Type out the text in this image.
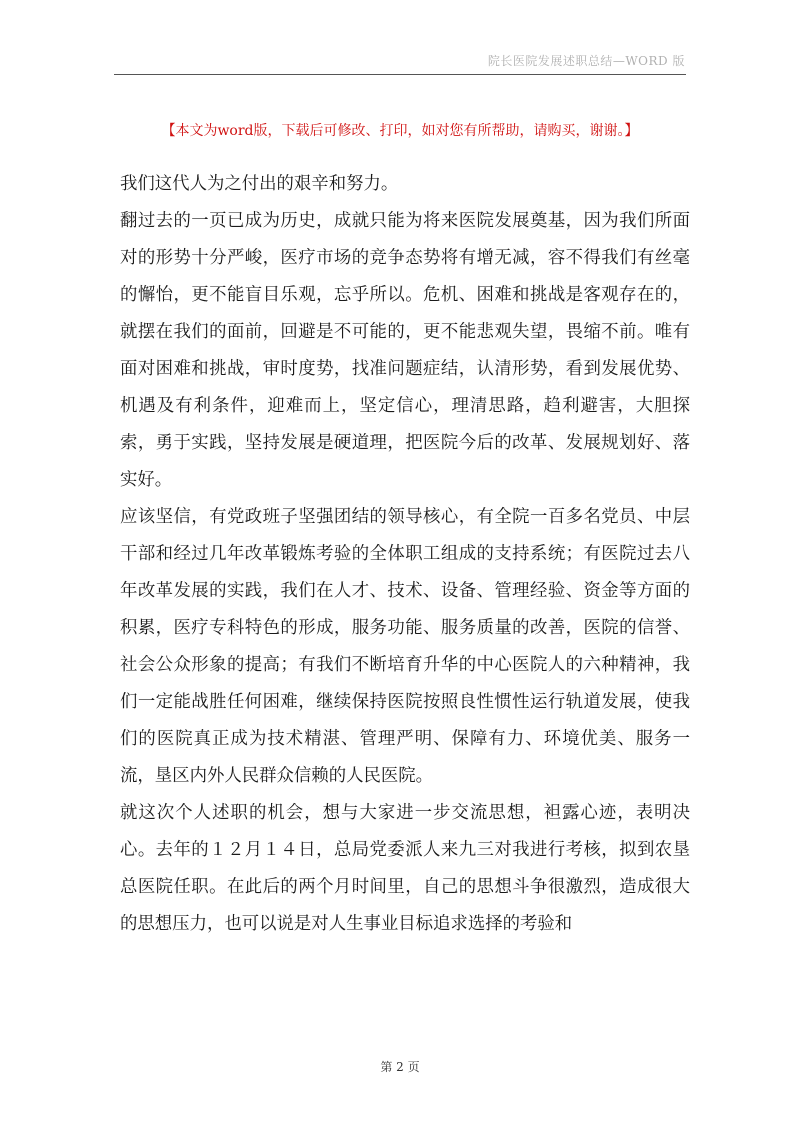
院长医院发展述职总结—WORD 版
【本文为word版，下载后可修改、打印，如对您有所帮助，请购买，谢谢。】

我们这代人为之付出的艰辛和努力。

翻过去的一页已成为历史，成就只能为将来医院发展奠基，因为我们所面对的形势十分严峻，医疗市场的竞争态势将有增无减，容不得我们有丝毫的懈怡，更不能盲目乐观，忘乎所以。危机、困难和挑战是客观存在的，就摆在我们的面前，回避是不可能的，更不能悲观失望，畏缩不前。唯有面对困难和挑战，审时度势，找准问题症结，认清形势，看到发展优势、机遇及有利条件，迎难而上，坚定信心，理清思路，趋利避害，大胆探索，勇于实践，坚持发展是硬道理，把医院今后的改革、发展规划好、落实好。

应该坚信，有党政班子坚强团结的领导核心，有全院一百多名党员、中层干部和经过几年改革锻炼考验的全体职工组成的支持系统；有医院过去八年改革发展的实践，我们在人才、技术、设备、管理经验、资金等方面的积累，医疗专科特色的形成，服务功能、服务质量的改善，医院的信誉、社会公众形象的提高；有我们不断培育升华的中心医院人的六种精神，我们一定能战胜任何困难，继续保持医院按照良性惯性运行轨道发展，使我们的医院真正成为技术精湛、管理严明、保障有力、环境优美、服务一流，垦区内外人民群众信赖的人民医院。

就这次个人述职的机会，想与大家进一步交流思想，袒露心迹，表明决心。去年的１２月１４日，总局党委派人来九三对我进行考核，拟到农垦总医院任职。在此后的两个月时间里，自己的思想斗争很激烈，造成很大的思想压力，也可以说是对人生事业目标追求选择的考验和

第 2 页
